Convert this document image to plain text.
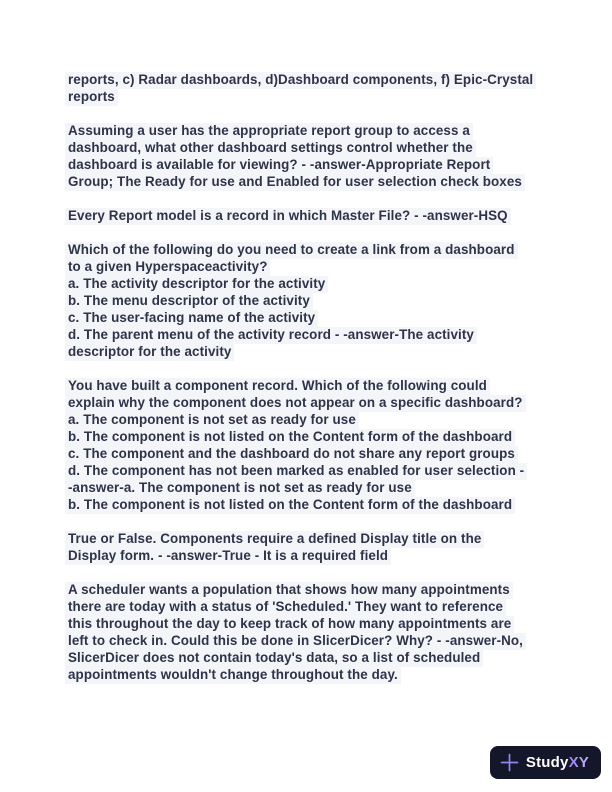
reports, c) Radar dashboards, d)Dashboard components, f) Epic-Crystal
reports
Assuming a user has the appropriate report group to access a
dashboard, what other dashboard settings control whether the
dashboard is available for viewing? - -answer-Appropriate Report
Group; The Ready for use and Enabled for user selection check boxes
Every Report model is a record in which Master File? - -answer-HSQ
Which of the following do you need to create a link from a dashboard
to a given Hyperspaceactivity?
a. The activity descriptor for the activity
b. The menu descriptor of the activity
c. The user-facing name of the activity
d. The parent menu of the activity record - -answer-The activity
descriptor for the activity
You have built a component record. Which of the following could
explain why the component does not appear on a specific dashboard?
a. The component is not set as ready for use
b. The component is not listed on the Content form of the dashboard
c. The component and the dashboard do not share any report groups
d. The component has not been marked as enabled for user selection -
-answer-a. The component is not set as ready for use
b. The component is not listed on the Content form of the dashboard
True or False. Components require a defined Display title on the
Display form. - -answer-True - It is a required field
A scheduler wants a population that shows how many appointments
there are today with a status of 'Scheduled.' They want to reference
this throughout the day to keep track of how many appointments are
left to check in. Could this be done in SlicerDicer? Why? - -answer-No,
SlicerDicer does not contain today's data, so a list of scheduled
appointments wouldn't change throughout the day.
StudyXY
